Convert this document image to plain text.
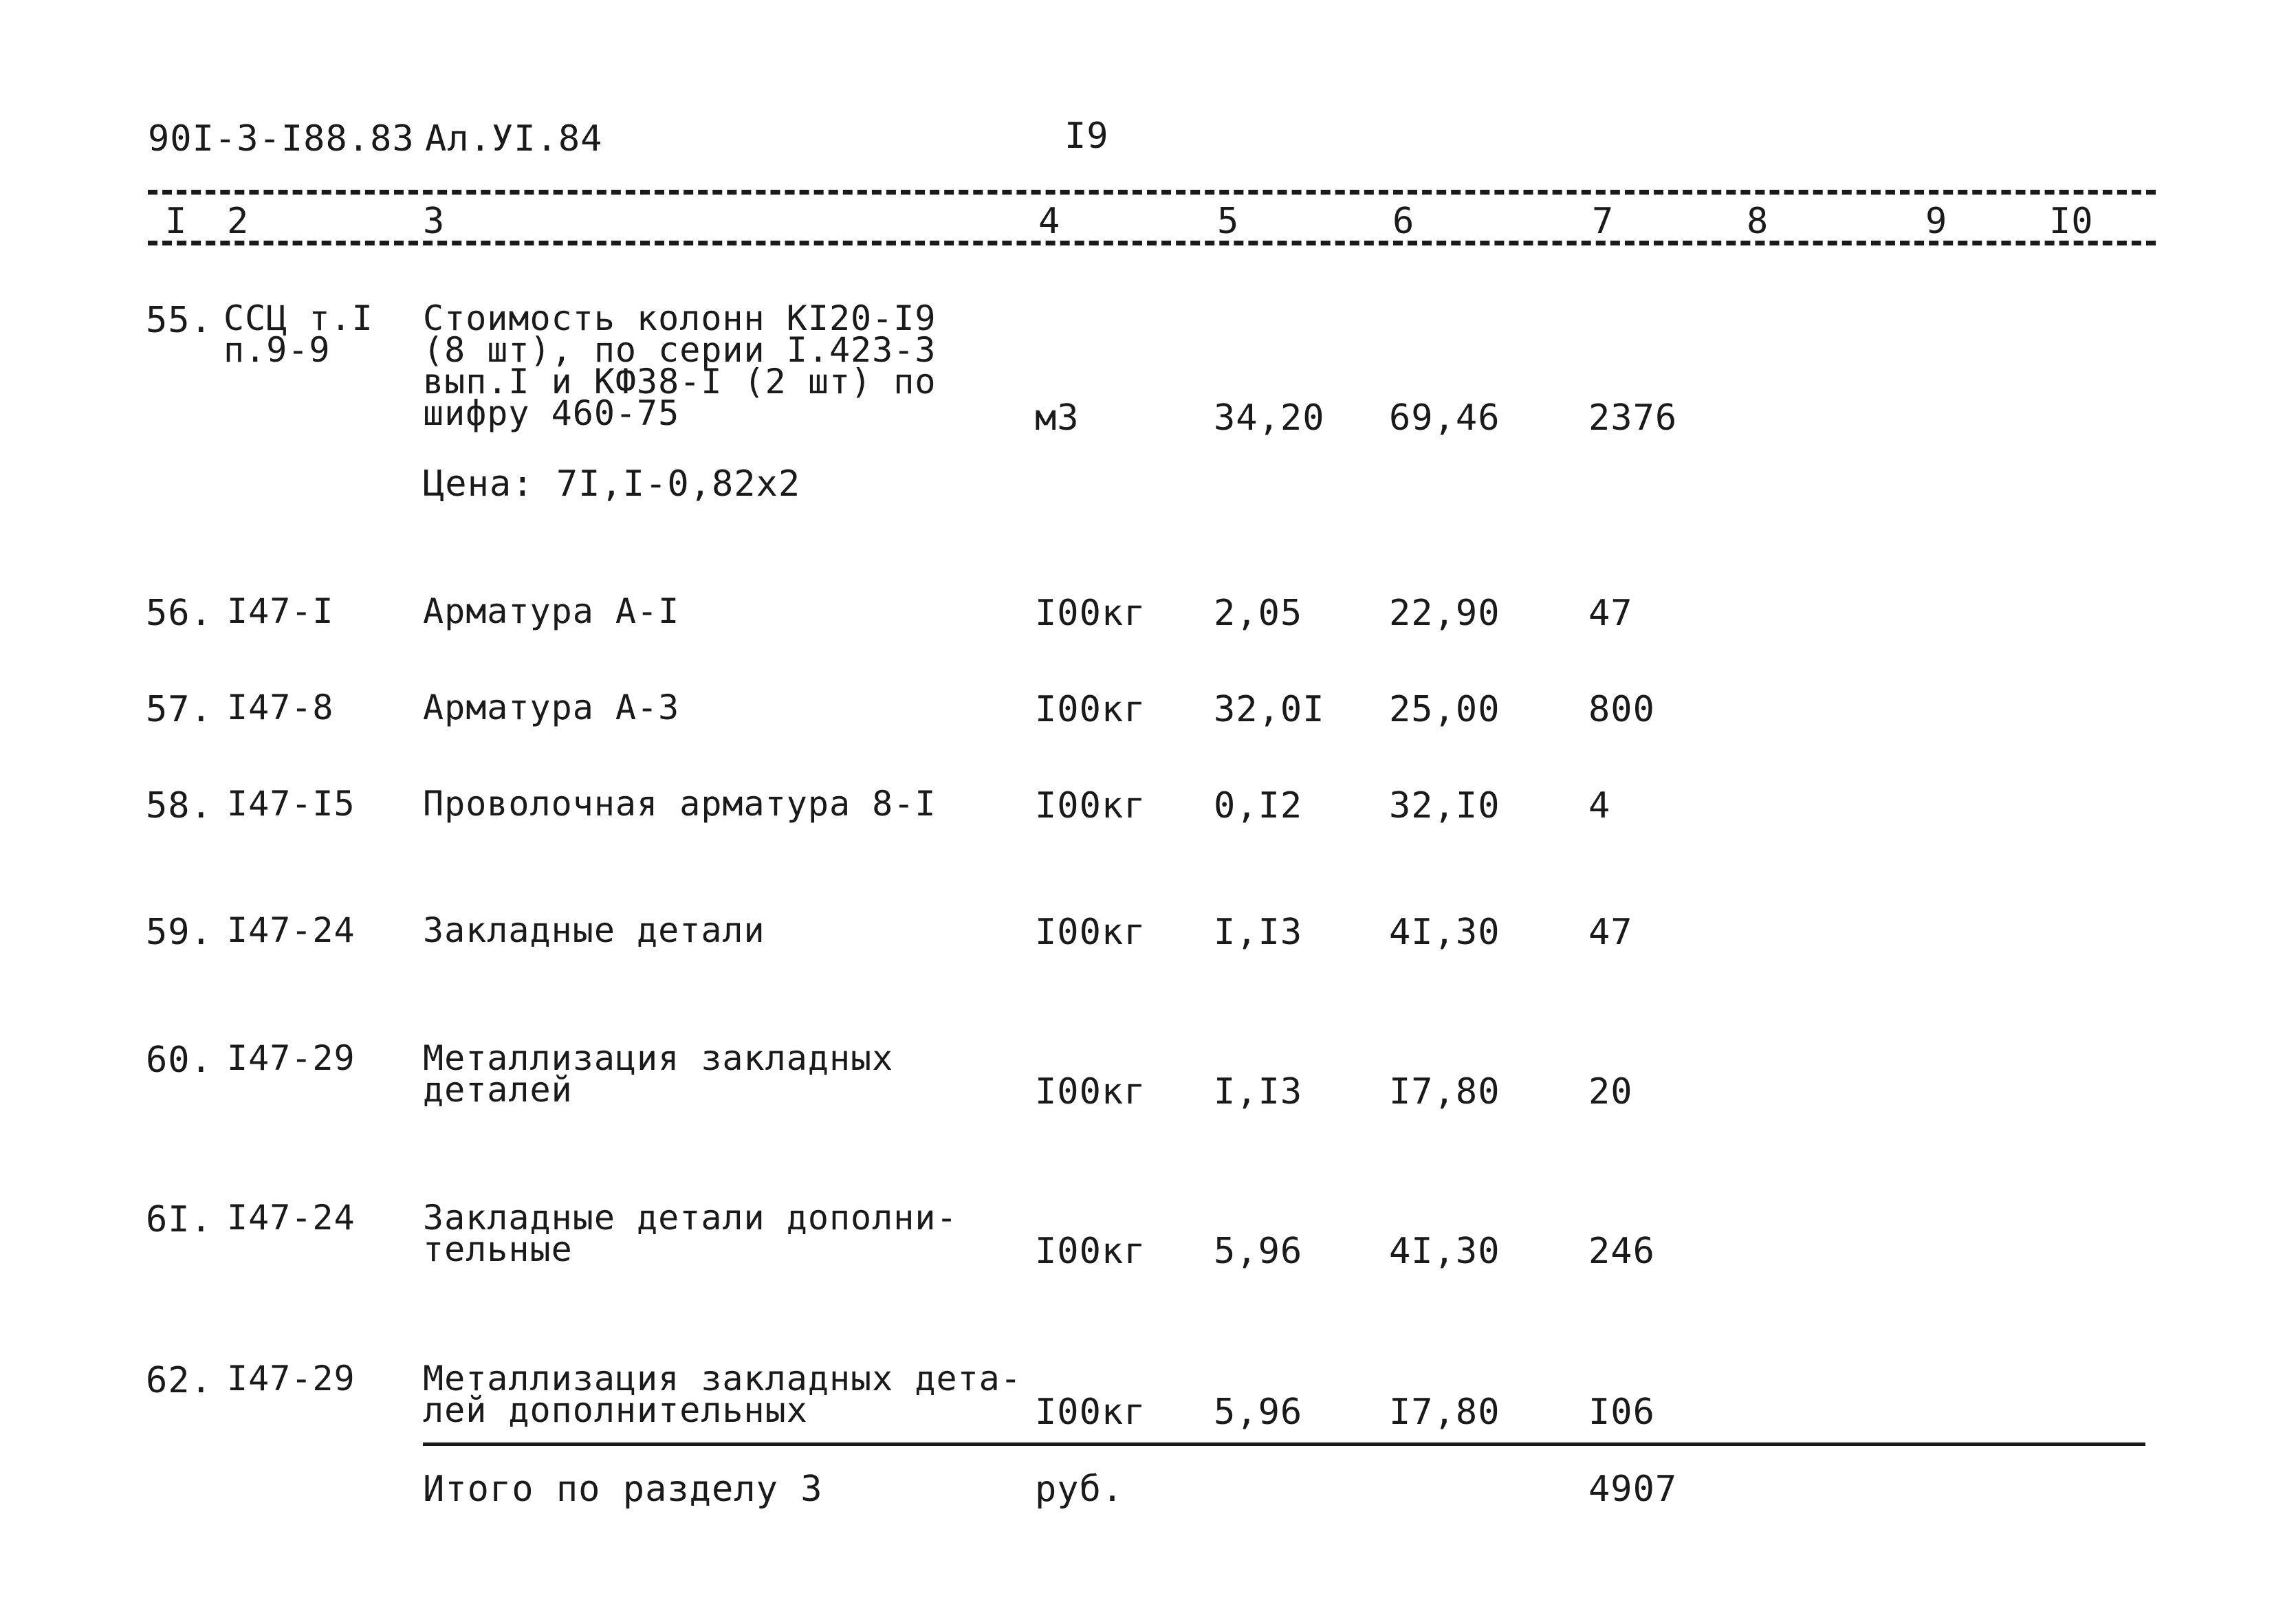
90I-3-I88.83 Ал.УI.84	I9
I 2	3	4	5	6	7	8	9	I0
55. ССЦ т.I
п.9-9
Стоимость колонн КI20-I9
(8 шт), по серии I.423-3
вып.I и КФ38-I (2 шт) по
шифру 460-75
Цена: 7I,I-0,82х2
м3	34,20 69,46 2376
56. I47-I	Арматура А-I	I00кг 2,05 22,90 47
57. I47-8	Арматура А-3	I00кг 32,0I 25,00 800
58. I47-I5 Проволочная арматура 8-I	I00кг 0,I2 32,I0 4
59. I47-24 Закладные детали	I00кг I,I3 4I,30 47
60. I47-29 Металлизация закладных
деталей	I00кг I,I3 I7,80 20
6I. I47-24 Закладные детали дополни-
тельные	I00кг 5,96 4I,30 246
62. I47-29 Металлизация закладных дета-
лей дополнительных	I00кг 5,96 I7,80 I06
Итого по разделу 3	руб.	4907
